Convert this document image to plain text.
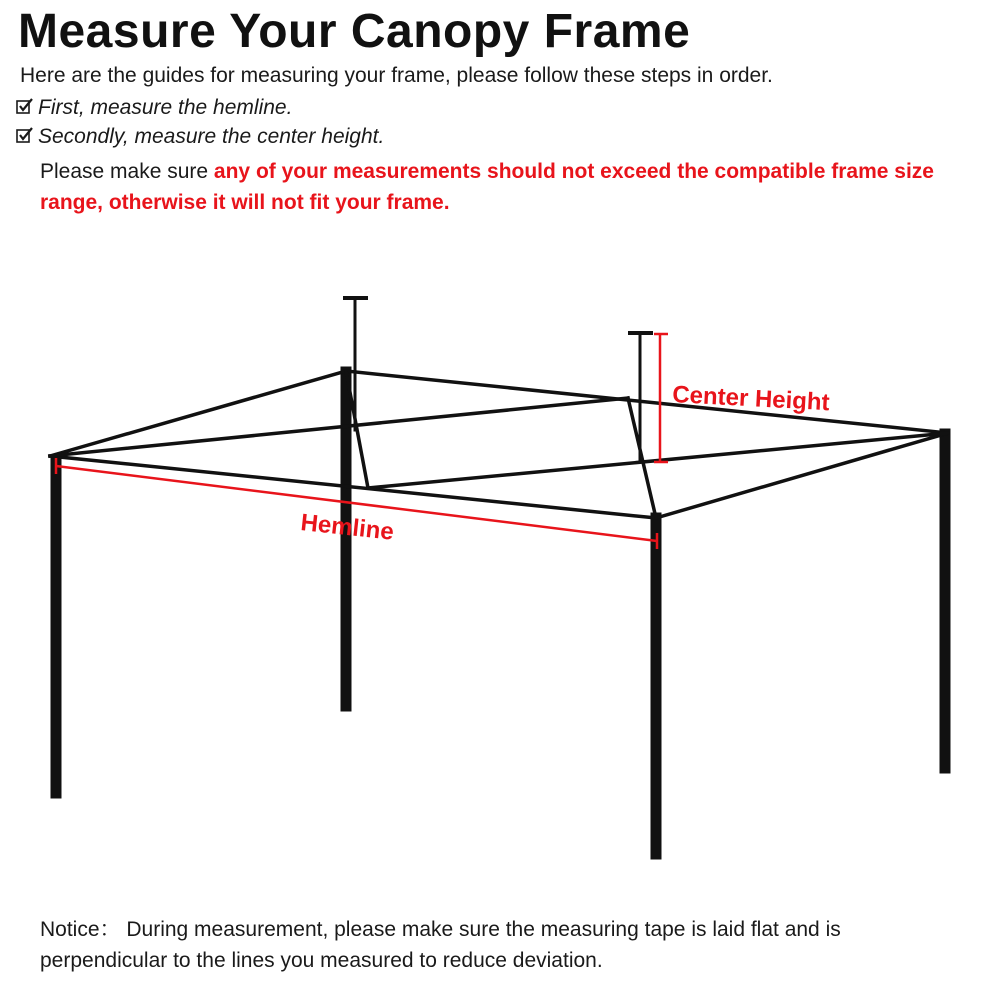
Measure Your Canopy Frame
Here are the guides for measuring your frame, please follow these steps in order.
First, measure the hemline.
Secondly, measure the center height.
Please make sure any of your measurements should not exceed the compatible frame size range, otherwise it will not fit your frame.
Hemline
Center Height
Notice： During measurement, please make sure the measuring tape is laid flat and is perpendicular to the lines you measured to reduce deviation.
